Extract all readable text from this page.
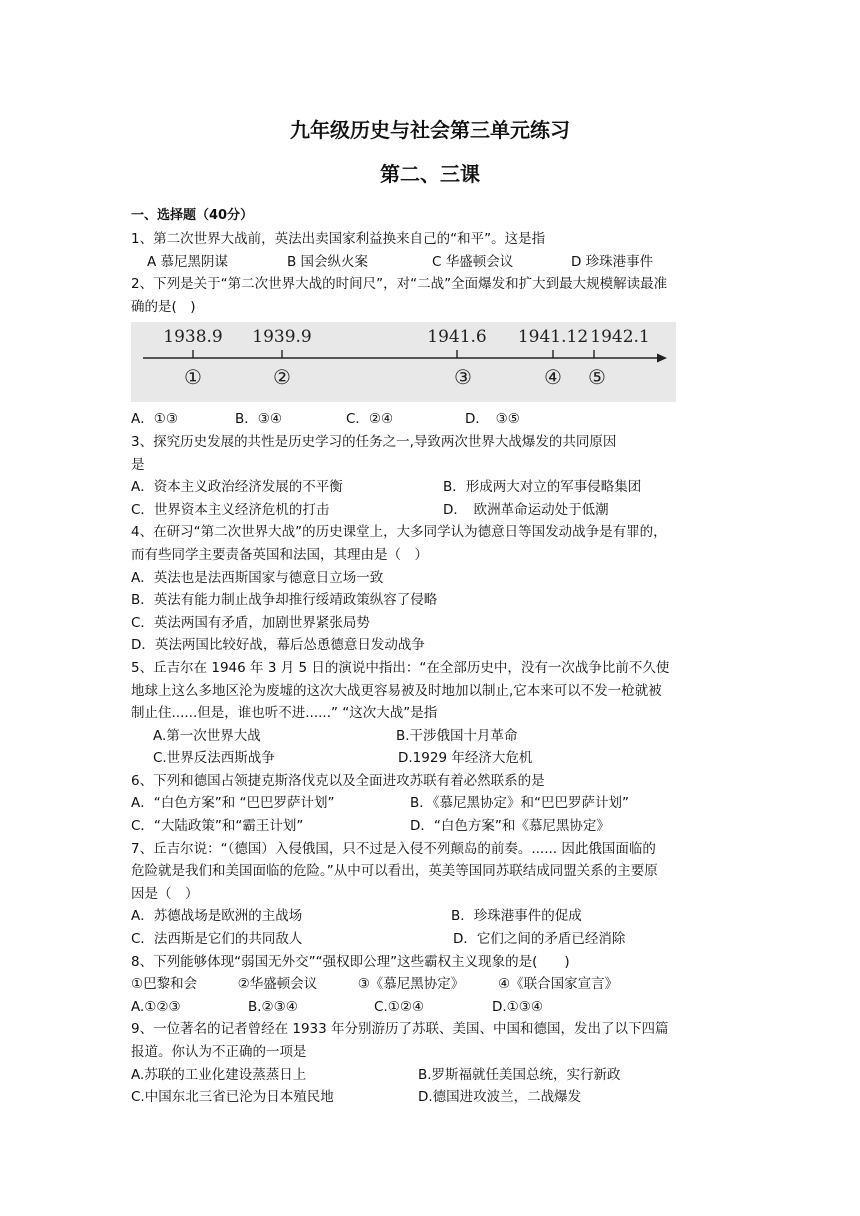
九年级历史与社会第三单元练习
第二、三课
一、选择题（40分）
1、第二次世界大战前，英法出卖国家利益换来自己的“和平”。这是指
A 慕尼黑阴谋	B 国会纵火案	C 华盛顿会议	D 珍珠港事件
2、下列是关于“第二次世界大战的时间尺”，对“二战”全面爆发和扩大到最大规模解读最准
确的是(　)
1938.9 1939.9	1941.6 1941.12 1942.1
①	②	③	④ ⑤
A．①③	B．③④	C．②④	D．　③⑤
3、探究历史发展的共性是历史学习的任务之一,导致两次世界大战爆发的共同原因
是
A．资本主义政治经济发展的不平衡	B．形成两大对立的军事侵略集团
C．世界资本主义经济危机的打击	D．　欧洲革命运动处于低潮
4、在研习“第二次世界大战”的历史课堂上，大多同学认为德意日等国发动战争是有罪的，
而有些同学主要责备英国和法国，其理由是（　）
A．英法也是法西斯国家与德意日立场一致
B．英法有能力制止战争却推行绥靖政策纵容了侵略
C．英法两国有矛盾，加剧世界紧张局势
D．英法两国比较好战，幕后怂恿德意日发动战争
5、丘吉尔在 1946 年 3 月 5 日的演说中指出：“在全部历史中，没有一次战争比前不久使
地球上这么多地区沦为废墟的这次大战更容易被及时地加以制止,它本来可以不发一枪就被
制止住......但是，谁也听不进......” “这次大战”是指
A.第一次世界大战	B.干涉俄国十月革命
C.世界反法西斯战争	D.1929 年经济大危机
6、下列和德国占领捷克斯洛伐克以及全面进攻苏联有着必然联系的是
A．“白色方案”和 “巴巴罗萨计划”	B．《慕尼黑协定》和“巴巴罗萨计划”
C．“大陆政策”和“霸王计划”	D．“白色方案”和《慕尼黑协定》
7、丘吉尔说：“（德国）入侵俄国，只不过是入侵不列颠岛的前奏。...... 因此俄国面临的
危险就是我们和美国面临的危险。”从中可以看出，英美等国同苏联结成同盟关系的主要原
因是（　）
A．苏德战场是欧洲的主战场	B．珍珠港事件的促成
C．法西斯是它们的共同敌人	D．它们之间的矛盾已经消除
8、下列能够体现“弱国无外交”“强权即公理”这些霸权主义现象的是(　　)
①巴黎和会　　　②华盛顿会议　　　③《慕尼黑协定》　　　④《联合国家宣言》
A.①②③	B.②③④	C.①②④	D.①③④
9、一位著名的记者曾经在 1933 年分别游历了苏联、美国、中国和德国，发出了以下四篇
报道。你认为不正确的一项是
A.苏联的工业化建设蒸蒸日上	B.罗斯福就任美国总统，实行新政
C.中国东北三省已沦为日本殖民地	D.德国进攻波兰，二战爆发
